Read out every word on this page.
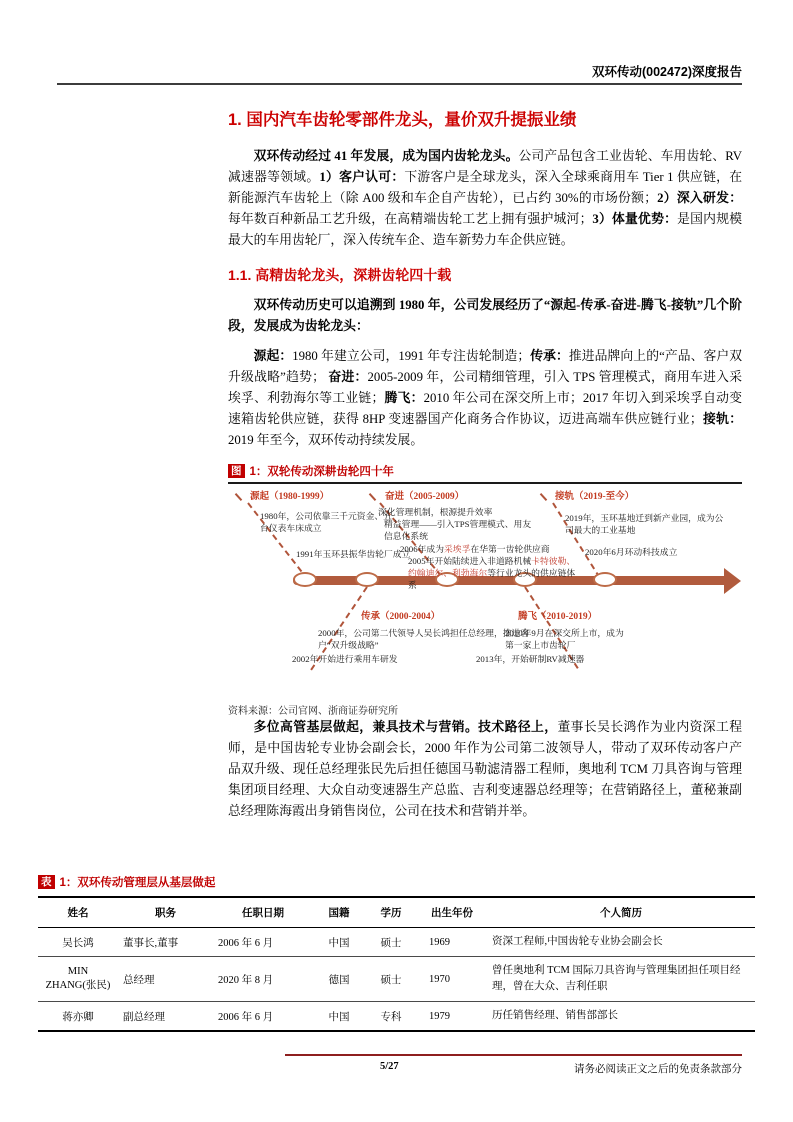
双环传动(002472)深度报告
1. 国内汽车齿轮零部件龙头，量价双升提振业绩

双环传动经过 41 年发展，成为国内齿轮龙头。公司产品包含工业齿轮、车用齿轮、RV 减速器等领域。1）客户认可：下游客户是全球龙头，深入全球乘商用车 Tier 1 供应链，在新能源汽车齿轮上（除 A00 级和车企自产齿轮），已占约 30%的市场份额；2）深入研发：每年数百种新品工艺升级，在高精端齿轮工艺上拥有强护城河；3）体量优势：是国内规模最大的车用齿轮厂，深入传统车企、造车新势力车企供应链。

1.1. 高精齿轮龙头，深耕齿轮四十载

双环传动历史可以追溯到 1980 年，公司发展经历了“源起-传承-奋进-腾飞-接轨”几个阶段，发展成为齿轮龙头：

源起：1980 年建立公司，1991 年专注齿轮制造；传承：推进品牌向上的“产品、客户双升级战略”趋势； 奋进：2005-2009 年，公司精细管理，引入 TPS 管理模式，商用车进入采埃孚、利勃海尔等工业链；腾飞：2010 年公司在深交所上市；2017 年切入到采埃孚自动变速箱齿轮供应链，获得 8HP 变速器国产化商务合作协议，迈进高端车供应链行业；接轨：2019 年至今，双环传动持续发展。

图 1：双轮传动深耕齿轮四十年
源起（1980-1999）	奋进（2005-2009）	接轨（2019-至今）
传承（2000-2004）	腾飞（2010-2019）
1980年，公司依靠三千元资金、五台仪表车床成立
1991年玉环县振华齿轮厂成立
深化管理机制，根源提升效率
精益管理——引入TPS管理模式、用友信息化系统
2006年成为采埃孚在华第一齿轮供应商
2005年开始陆续进入非道路机械卡特彼勒、约翰迪尔、利勃海尔等行业龙头的供应链体系
2019年，玉环基地迁到新产业园，成为公司最大的工业基地
2020年6月环动科技成立
2000年，公司第二代领导人吴长鸿担任总经理，推进客户“双升级战略”
2002年开始进行乘用车研发
2010年9月在深交所上市，成为第一家上市齿轮厂
2013年，开始研制RV减速器
资料来源：公司官网、浙商证券研究所

多位高管基层做起，兼具技术与营销。技术路径上，董事长吴长鸿作为业内资深工程师，是中国齿轮专业协会副会长，2000 年作为公司第二波领导人，带动了双环传动客户产品双升级、现任总经理张民先后担任德国马勒滤清器工程师，奥地利 TCM 刀具咨询与管理集团项目经理、大众自动变速器生产总监、吉利变速器总经理等；在营销路径上，董秘兼副总经理陈海霞出身销售岗位，公司在技术和营销并举。

表 1：双环传动管理层从基层做起
姓名	职务	任职日期	国籍	学历	出生年份	个人简历
吴长鸿	董事长,董事	2006 年 6 月	中国	硕士	1969	资深工程师,中国齿轮专业协会副会长
MIN ZHANG(张民)	总经理	2020 年 8 月	德国	硕士	1970	曾任奥地利 TCM 国际刀具咨询与管理集团担任项目经理，曾在大众、吉利任职
蒋亦卿	副总经理	2006 年 6 月	中国	专科	1979	历任销售经理、销售部部长
5/27	请务必阅读正文之后的免责条款部分
